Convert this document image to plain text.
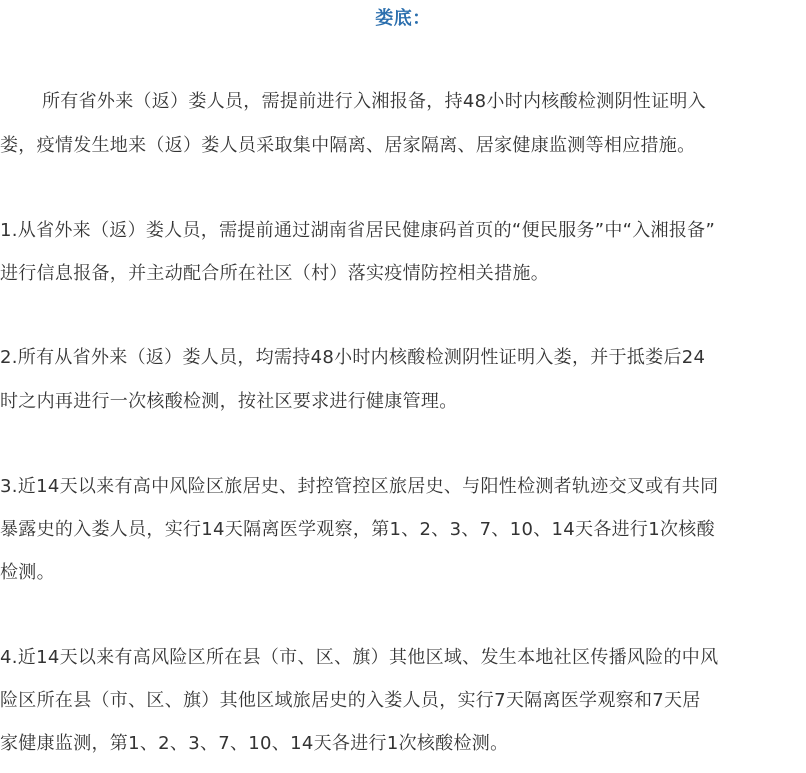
娄底：
所有省外来（返）娄人员，需提前进行入湘报备，持48小时内核酸检测阴性证明入
娄，疫情发生地来（返）娄人员采取集中隔离、居家隔离、居家健康监测等相应措施。
1.从省外来（返）娄人员，需提前通过湖南省居民健康码首页的“便民服务”中“入湘报备”
进行信息报备，并主动配合所在社区（村）落实疫情防控相关措施。
2.所有从省外来（返）娄人员，均需持48小时内核酸检测阴性证明入娄，并于抵娄后24
时之内再进行一次核酸检测，按社区要求进行健康管理。
3.近14天以来有高中风险区旅居史、封控管控区旅居史、与阳性检测者轨迹交叉或有共同
暴露史的入娄人员，实行14天隔离医学观察，第1、2、3、7、10、14天各进行1次核酸
检测。
4.近14天以来有高风险区所在县（市、区、旗）其他区域、发生本地社区传播风险的中风
险区所在县（市、区、旗）其他区域旅居史的入娄人员，实行7天隔离医学观察和7天居
家健康监测，第1、2、3、7、10、14天各进行1次核酸检测。
